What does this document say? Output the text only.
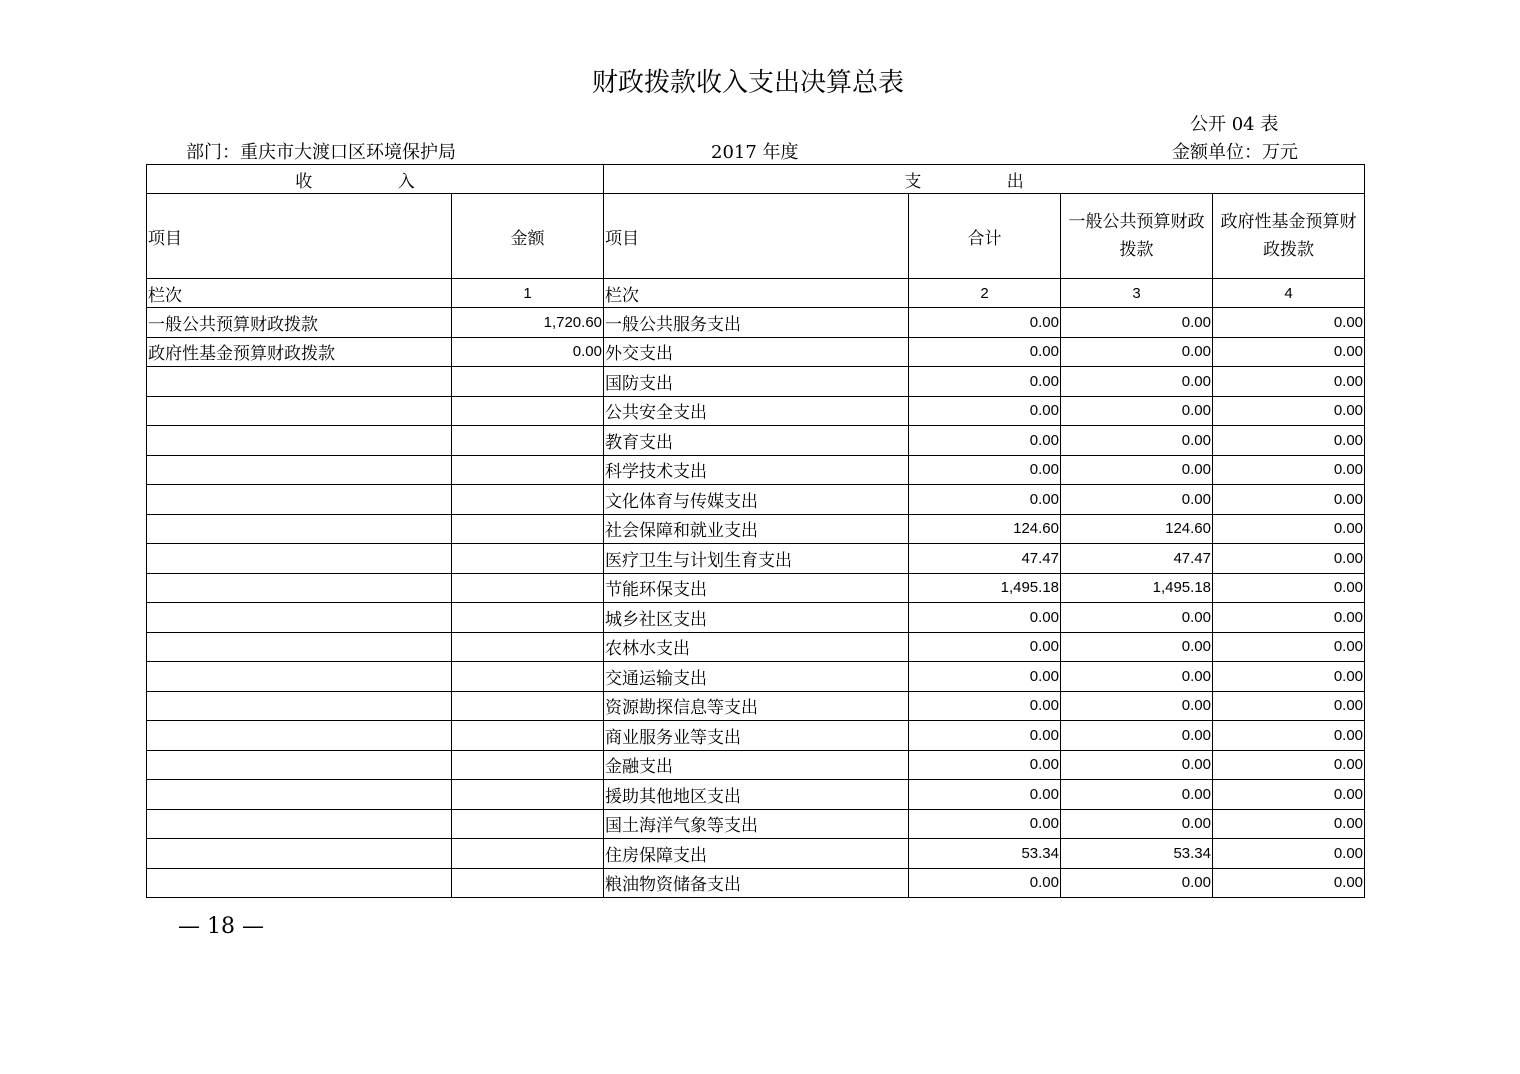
财政拨款收入支出决算总表
公开 04 表
部门：重庆市大渡口区环境保护局	2017 年度	金额单位：万元
收 入		支 出			
项目	金额	项目	合计	一般公共预算财政拨款	政府性基金预算财政拨款
栏次	1	栏次	2	3	4
一般公共预算财政拨款	1,720.60	一般公共服务支出	0.00	0.00	0.00
政府性基金预算财政拨款	0.00	外交支出	0.00	0.00	0.00
		国防支出	0.00	0.00	0.00
		公共安全支出	0.00	0.00	0.00
		教育支出	0.00	0.00	0.00
		科学技术支出	0.00	0.00	0.00
		文化体育与传媒支出	0.00	0.00	0.00
		社会保障和就业支出	124.60	124.60	0.00
		医疗卫生与计划生育支出	47.47	47.47	0.00
		节能环保支出	1,495.18	1,495.18	0.00
		城乡社区支出	0.00	0.00	0.00
		农林水支出	0.00	0.00	0.00
		交通运输支出	0.00	0.00	0.00
		资源勘探信息等支出	0.00	0.00	0.00
		商业服务业等支出	0.00	0.00	0.00
		金融支出	0.00	0.00	0.00
		援助其他地区支出	0.00	0.00	0.00
		国土海洋气象等支出	0.00	0.00	0.00
		住房保障支出	53.34	53.34	0.00
		粮油物资储备支出	0.00	0.00	0.00
— 18 —
